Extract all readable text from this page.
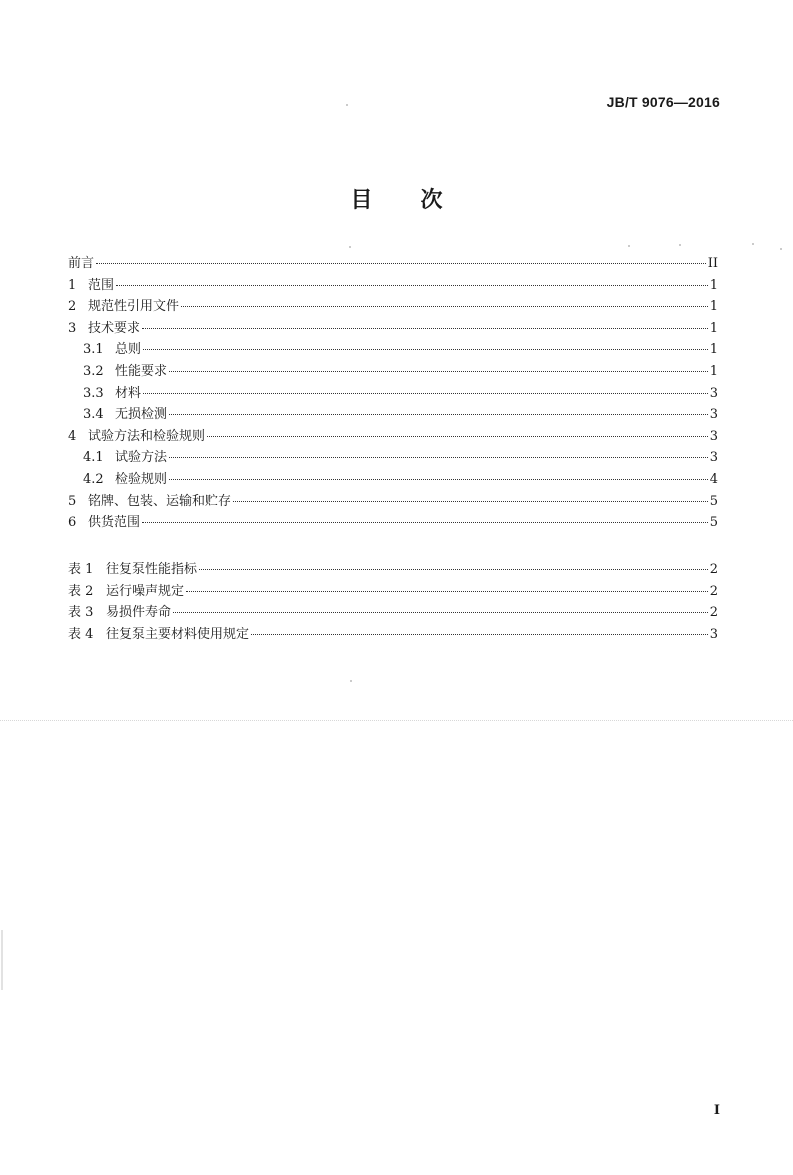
JB/T 9076—2016
目 次
前言	II
1 范围	1
2 规范性引用文件	1
3 技术要求	1
3.1 总则	1
3.2 性能要求	1
3.3 材料	3
3.4 无损检测	3
4 试验方法和检验规则	3
4.1 试验方法	3
4.2 检验规则	4
5 铭牌、包装、运输和贮存	5
6 供货范围	5
表 1 往复泵性能指标	2
表 2 运行噪声规定	2
表 3 易损件寿命	2
表 4 往复泵主要材料使用规定	3
I
